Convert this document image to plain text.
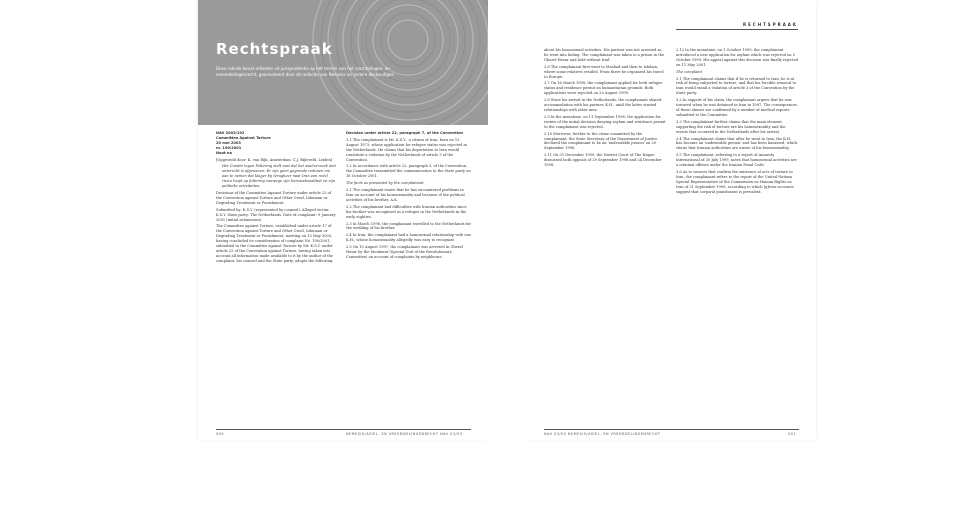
Rechtspraak
Deze rubriek bevat artikelen uit jurisprudentie op het terrein van het vluchtelingen- en vreemdelingenrecht, geannoteerd door de redactie van Nemesis en andere deskundigen
NAV 2003/192
Committee Against Torture
20 mei 2003
nr. 190/2001
Noot na
[Opgesteld door: K. van Eijk, Amsterdam: C.J. Bijleveld, Leiden]
Het Comité tegen Foltering stelt vast dat het asielverzoek niet onterecht is afgewezen. Er zijn geen gegronde redenen om aan te nemen dat klager bij terugkeer naar Iran een reëel risico loopt op foltering vanwege zijn homoseksualiteit en zijn politieke activiteiten.
Decisions of the Committee Against Torture under article 22 of the Convention against Torture and Other Cruel, Inhuman or Degrading Treatment or Punishment.
Submitted by: K.S.Y. (represented by counsel). Alleged victim: K.S.Y. State party: The Netherlands. Date of complaint: 9 January 2001 (initial submission).
The Committee against Torture, established under article 17 of the Convention against Torture and Other Cruel, Inhuman or Degrading Treatment or Punishment, meeting on 15 May 2003, having concluded its consideration of complaint No. 190/2001, submitted to the Committee against Torture by Mr. K.S.Y. under article 22 of the Convention against Torture, having taken into account all information made available to it by the author of the complaint, his counsel and the State party, adopts the following:
Decision under article 22, paragraph 7, of the Convention
1.1 The complainant is Mr. K.S.Y., a citizen of Iran, born on 13 August 1973, whose application for refugee status was rejected in the Netherlands. He claims that his deportation to Iran would constitute a violation by the Netherlands of article 3 of the Convention.
1.2 In accordance with article 22, paragraph 3, of the Convention, the Committee transmitted the communication to the State party on 18 October 2001.
The facts as presented by the complainant
2.1 The complainant states that he has encountered problems in Iran on account of his homosexuality and because of the political activities of his brother, A.K.
2.2 The complainant had difficulties with Iranian authorities since his brother was recognized as a refugee in the Netherlands in the early eighties.
2.3 In March 1996, the complainant travelled to the Netherlands for the wedding of his brother.
2.4 In Iran, the complainant had a homosexual relationship with one K.H., whose homosexuality allegedly was easy to recognize.
2.5 On 10 August 1997, the complainant was arrested in Ghezel Hesar by the Monkerat (Special Unit of the Revolutionary Committee) on account of complaints by neighbours.
500	NEMESIS/ASIEL- EN VREEMDELINGENRECHT NAV 03/03
RECHTSPRAAK
about his homosexual activities. His partner was not arrested as he went into hiding. The complainant was taken to a prison in the Ghezel Hesar and held without trial.
2.6 The complainant first went to Mashad and then to Isfahan, where some relatives resided. From there he organized his travel to Europe.
2.7 On 16 March 1998, the complainant applied for both refugee status and residence permit on humanitarian grounds. Both applications were rejected on 20 August 1999.
2.8 Since his arrival in the Netherlands, the complainant shared accommodation with his partner, K.H., until the latter started relationships with other men.
2.9 In the meantime, on 11 September 1998, the application for review of the initial decision denying asylum and residence permit to the complainant was rejected.
2.10 Moreover, further to the crime committed by the complainant, the State Secretary of the Department of Justice declared the complainant to be an 'undesirable person' on 20 September 1998.
2.11 On 01 December 1999, the District Court of The Hague dismissed both appeals of 29 September 1998 and 24 December 1998.
2.12 In the meantime, on 1 October 1999, the complainant introduced a new application for asylum which was rejected on 5 October 1999. His appeal against this decision was finally rejected on 11 May 2001.
The complaint
3.1 The complainant claims that if he is returned to Iran, he is at risk of being subjected to torture, and that his forcible removal to Iran would entail a violation of article 3 of the Convention by the State party.
3.2 In support of his claim, the complainant argues that he was tortured when he was detained in Iran in 1997. The consequences of these abuses are confirmed by a number of medical reports submitted to the Committee.
3.3 The complainant further claims that the main element supporting the risk of torture are his homosexuality and the events that occurred in the Netherlands after his arrival.
3.4 The complainant claims that after he went to Iran, the K.H. has become an 'undesirable person' and has been harassed, which shows that Iranian authorities are aware of his homosexuality.
3.5 The complainant, referring to a report of Amnesty International of 30 July 1999, notes that homosexual activities are a criminal offence under the Iranian Penal Code.
3.6 As to sources that confirm the existence of acts of torture in Iran, the complainant refers to the report of the United Nations Special Representative of the Commission on Human Rights on Iran of 21 September 1999, according to which [g]ross accounts suggest that corporal punishment is prevalent.
NAV 03/03 NEMESIS/ASIEL- EN VREEMDELINGENRECHT	501
